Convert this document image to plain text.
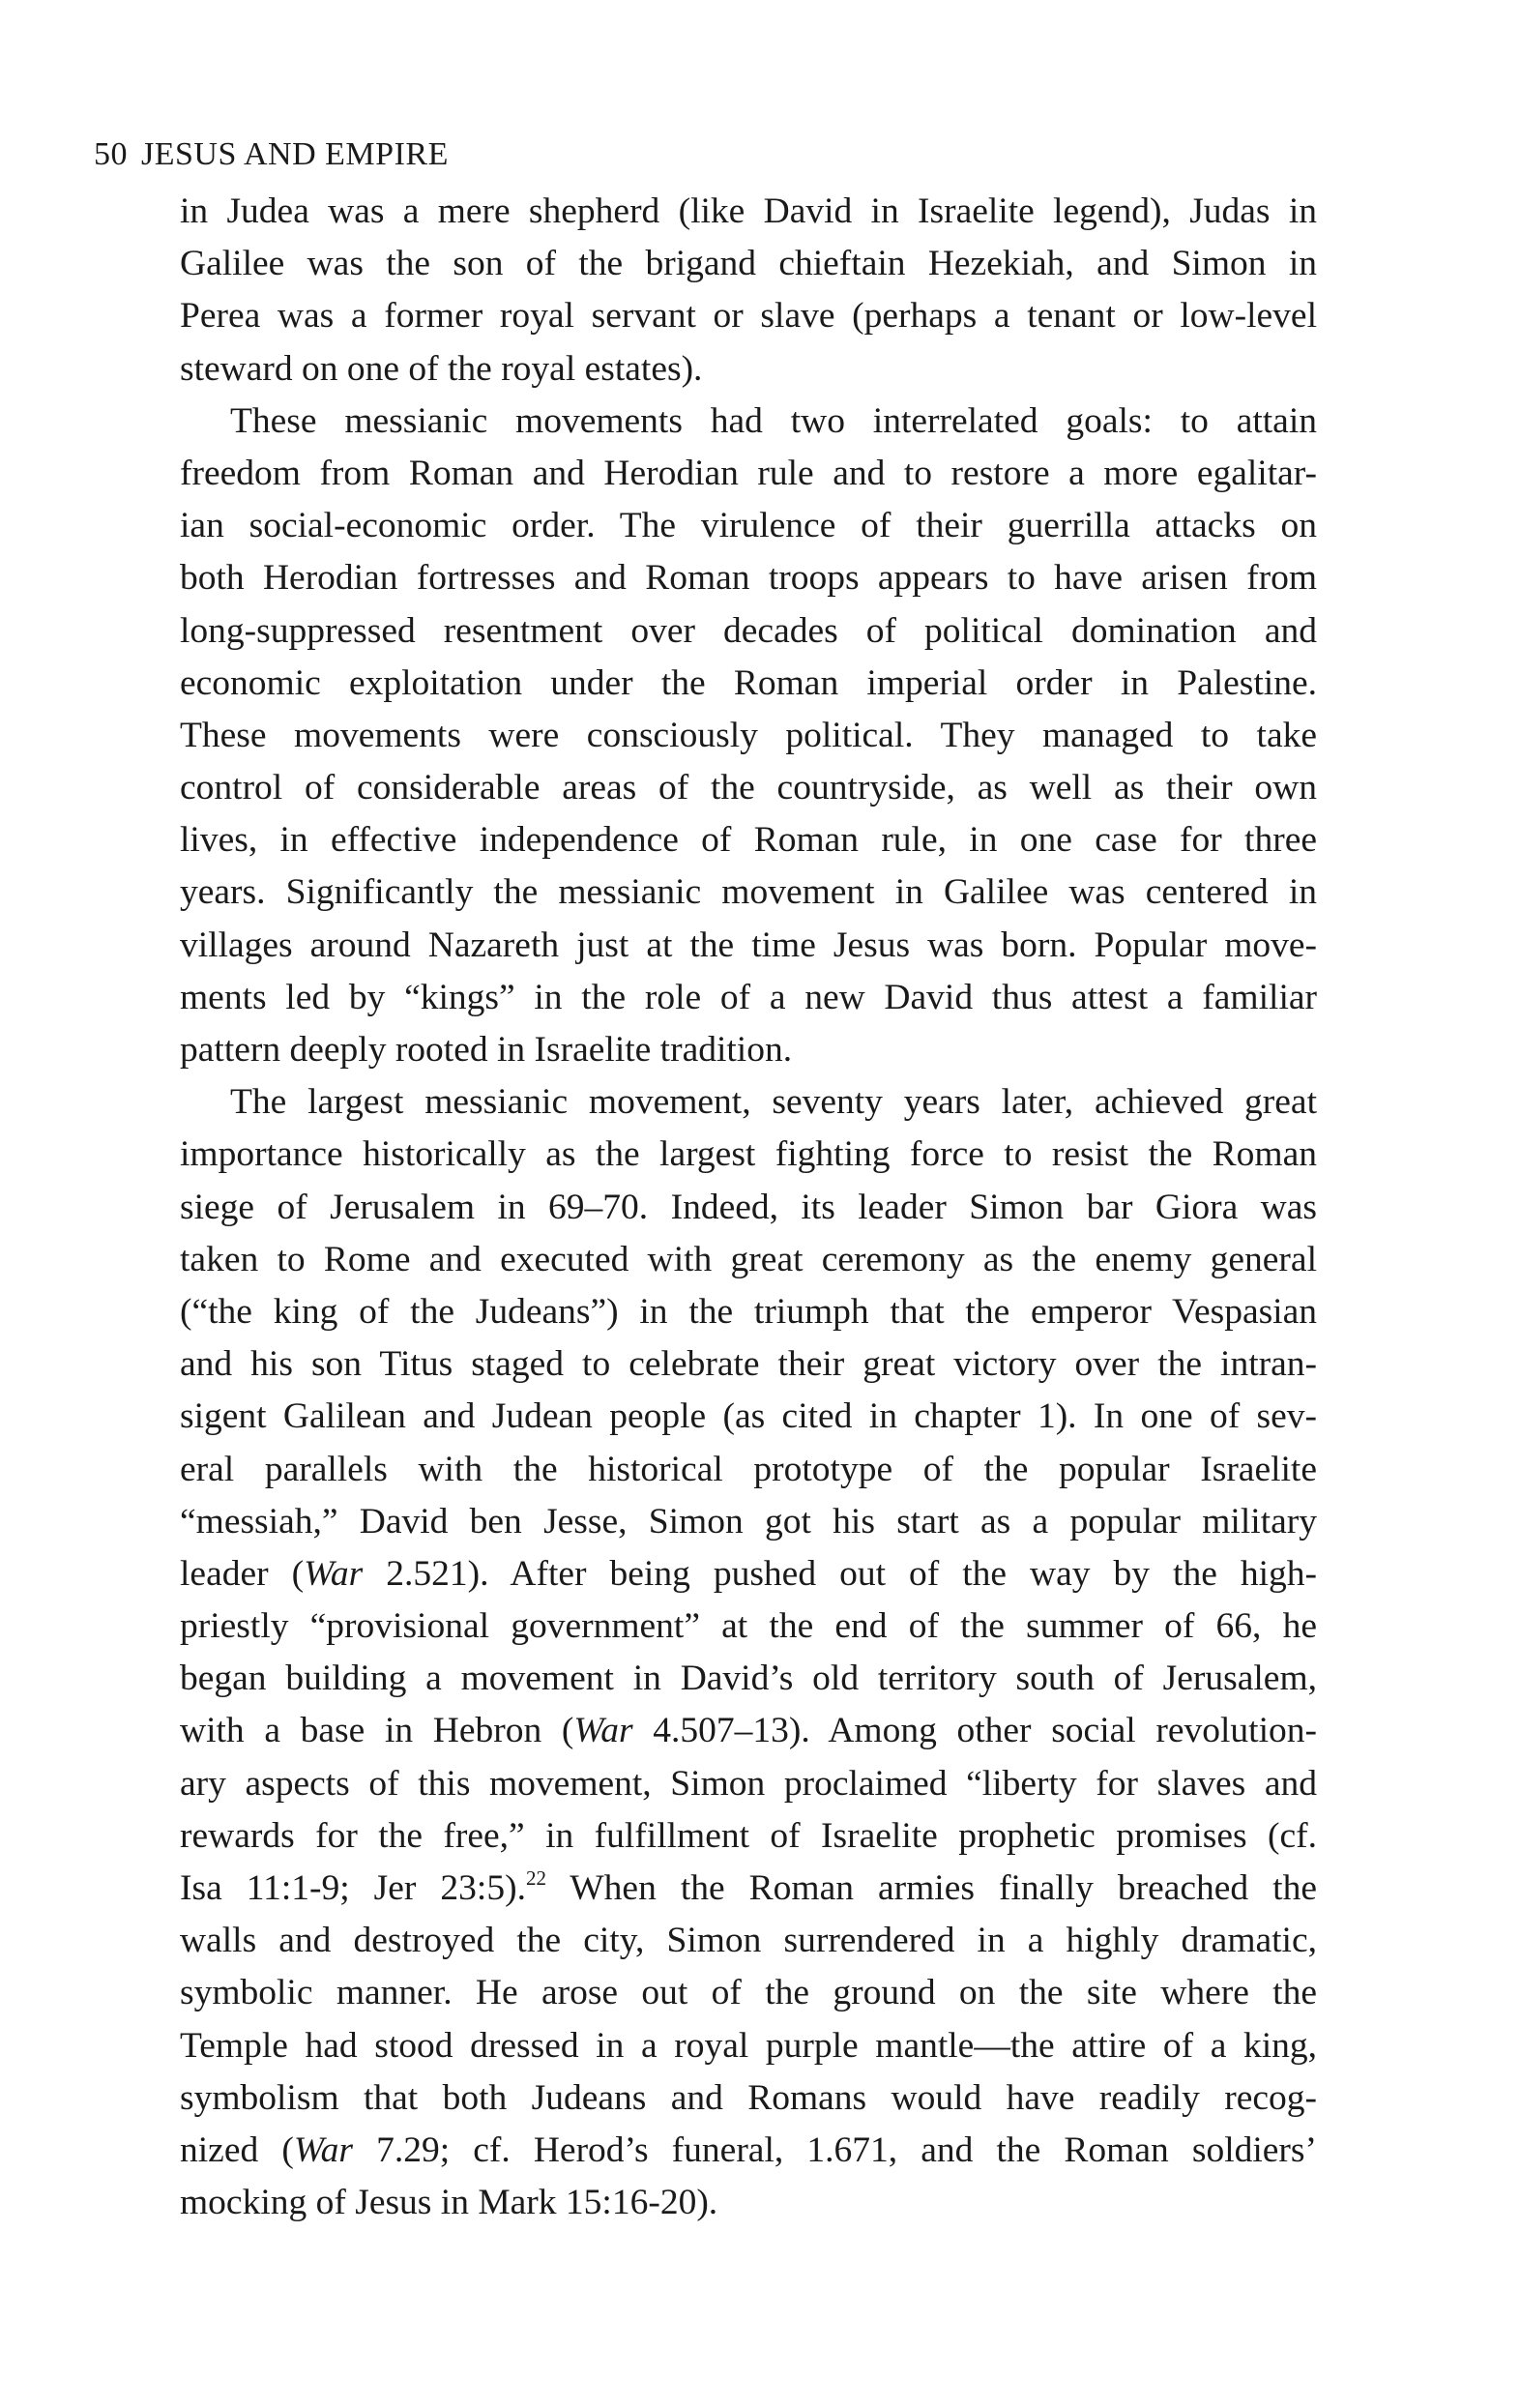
50 JESUS AND EMPIRE
in Judea was a mere shepherd (like David in Israelite legend), Judas in
Galilee was the son of the brigand chieftain Hezekiah, and Simon in
Perea was a former royal servant or slave (perhaps a tenant or low-level
steward on one of the royal estates).
These messianic movements had two interrelated goals: to attain
freedom from Roman and Herodian rule and to restore a more egalitar-
ian social-economic order. The virulence of their guerrilla attacks on
both Herodian fortresses and Roman troops appears to have arisen from
long-suppressed resentment over decades of political domination and
economic exploitation under the Roman imperial order in Palestine.
These movements were consciously political. They managed to take
control of considerable areas of the countryside, as well as their own
lives, in effective independence of Roman rule, in one case for three
years. Significantly the messianic movement in Galilee was centered in
villages around Nazareth just at the time Jesus was born. Popular move-
ments led by “kings” in the role of a new David thus attest a familiar
pattern deeply rooted in Israelite tradition.
The largest messianic movement, seventy years later, achieved great
importance historically as the largest fighting force to resist the Roman
siege of Jerusalem in 69–70. Indeed, its leader Simon bar Giora was
taken to Rome and executed with great ceremony as the enemy general
(“the king of the Judeans”) in the triumph that the emperor Vespasian
and his son Titus staged to celebrate their great victory over the intran-
sigent Galilean and Judean people (as cited in chapter 1). In one of sev-
eral parallels with the historical prototype of the popular Israelite
“messiah,” David ben Jesse, Simon got his start as a popular military
leader (War 2.521). After being pushed out of the way by the high-
priestly “provisional government” at the end of the summer of 66, he
began building a movement in David’s old territory south of Jerusalem,
with a base in Hebron (War 4.507–13). Among other social revolution-
ary aspects of this movement, Simon proclaimed “liberty for slaves and
rewards for the free,” in fulfillment of Israelite prophetic promises (cf.
Isa 11:1-9; Jer 23:5).$^{22}$ When the Roman armies finally breached the
walls and destroyed the city, Simon surrendered in a highly dramatic,
symbolic manner. He arose out of the ground on the site where the
Temple had stood dressed in a royal purple mantle—the attire of a king,
symbolism that both Judeans and Romans would have readily recog-
nized (War 7.29; cf. Herod’s funeral, 1.671, and the Roman soldiers’
mocking of Jesus in Mark 15:16-20).
